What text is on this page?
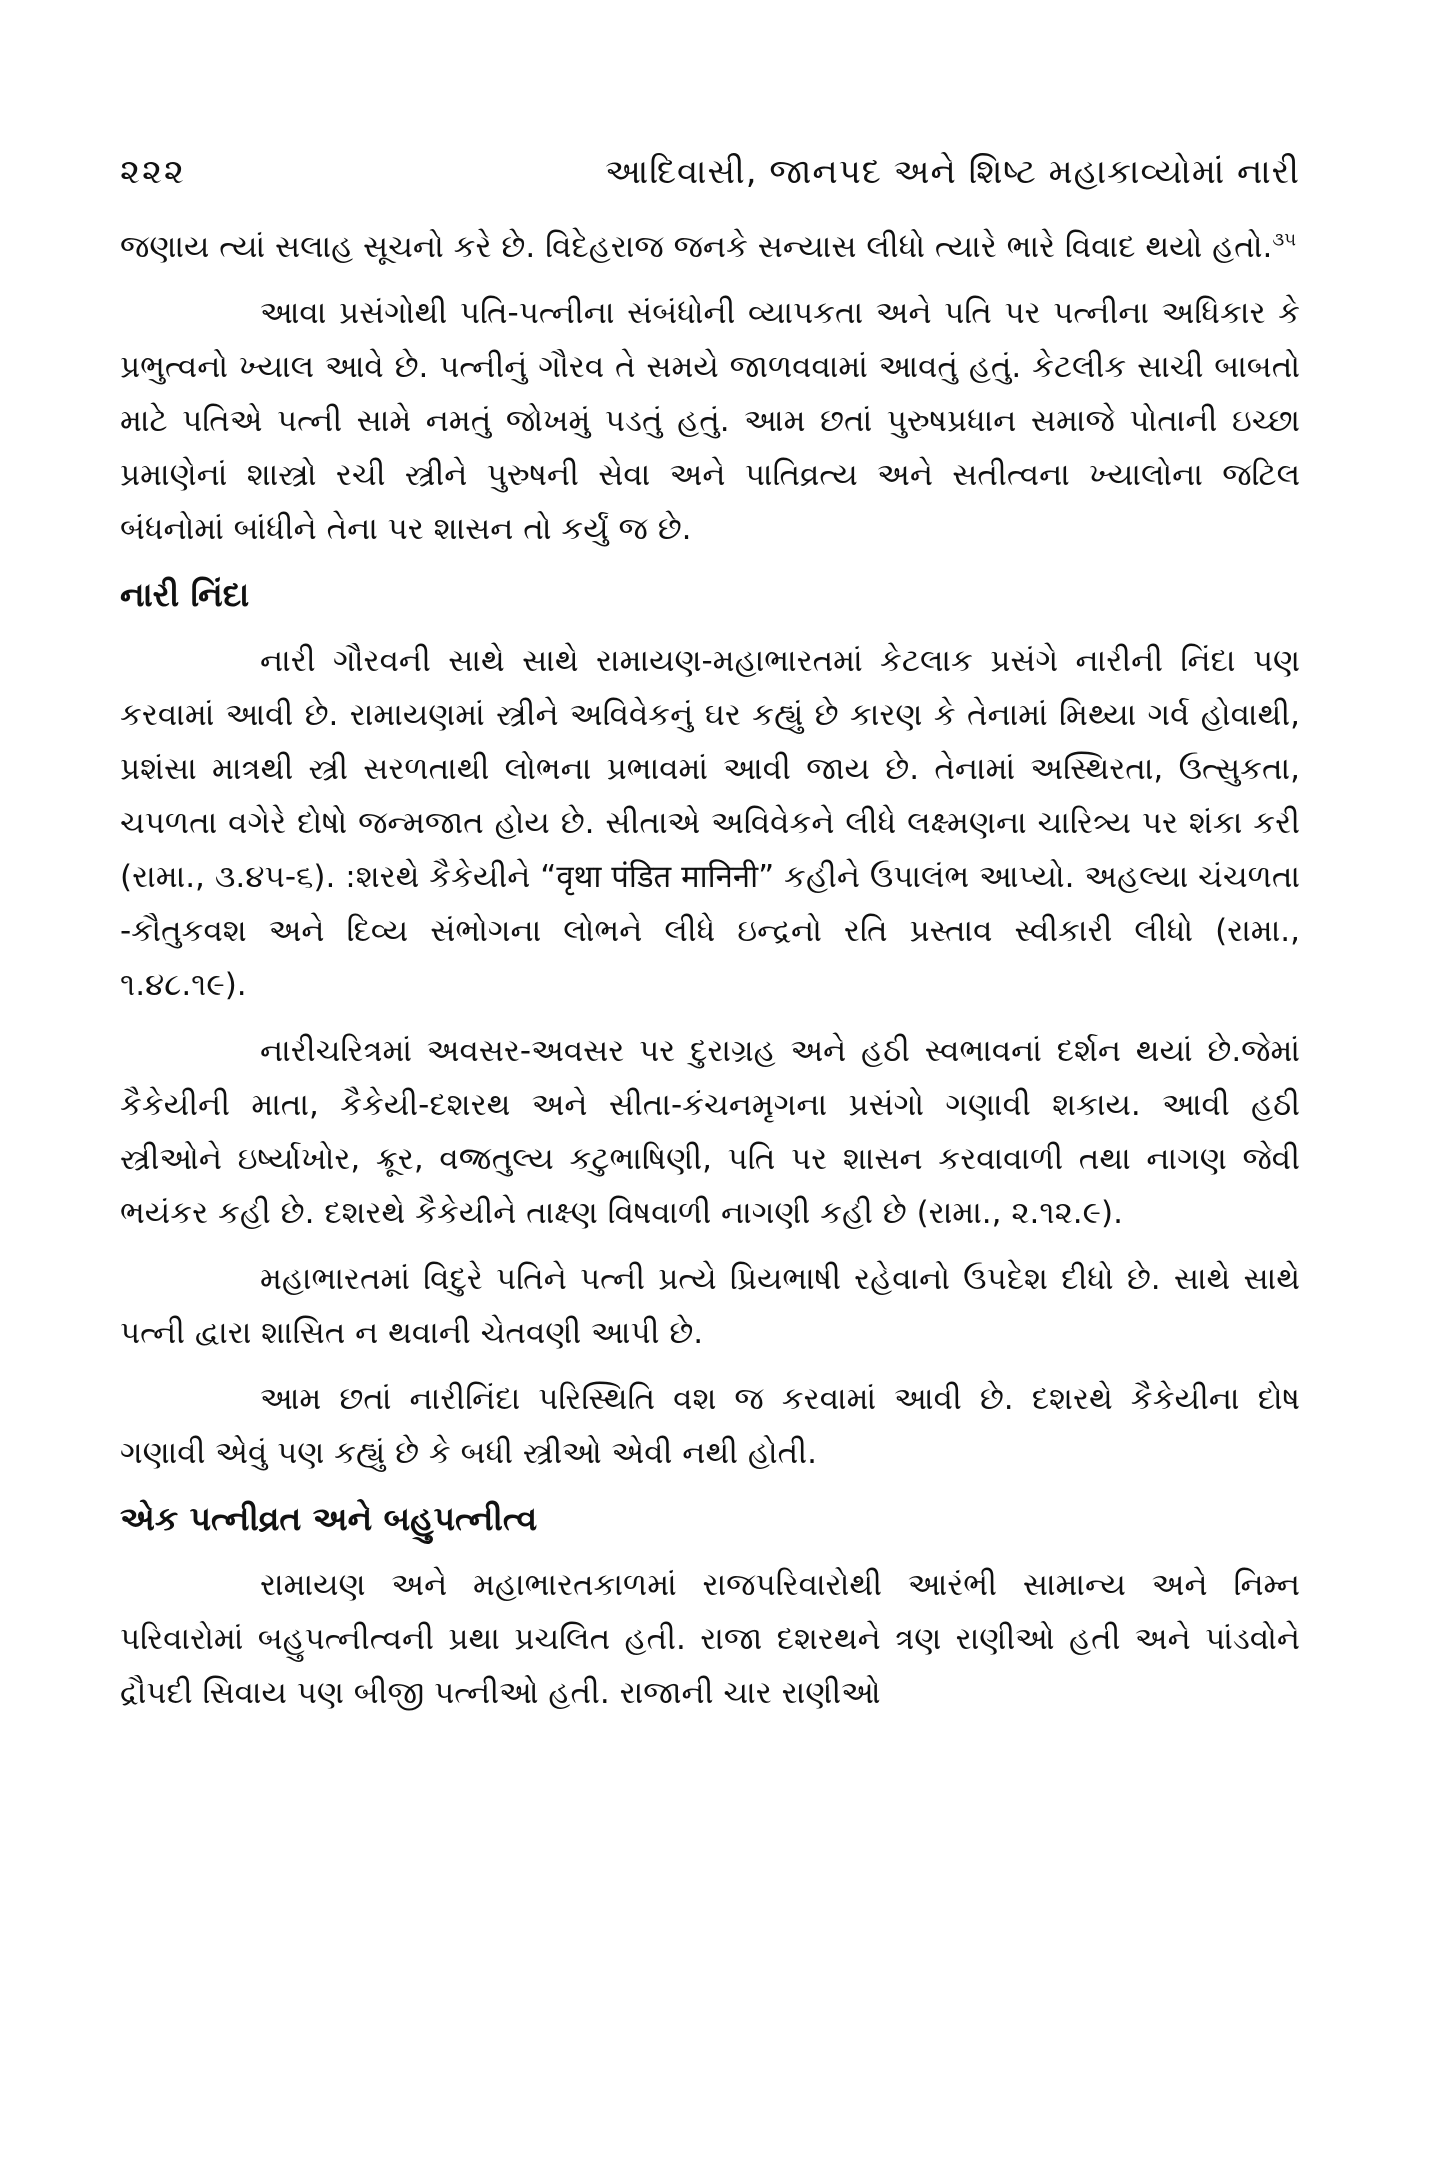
૨૨૨	આદિવાસી, જાનપદ અને શિષ્ટ મહાકાવ્યોમાં નારી
જણાય ત્યાં સલાહ સૂચનો કરે છે. વિદેહરાજ જનકે સન્યાસ લીધો ત્યારે ભારે વિવાદ થયો હતો.$^{૩૫}$
આવા પ્રસંગોથી પતિ-પત્નીના સંબંધોની વ્યાપકતા અને પતિ પર પત્નીના અધિકાર કે પ્રભુત્વનો ખ્યાલ આવે છે. પત્નીનું ગૌરવ તે સમયે જાળવવામાં આવતું હતું. કેટલીક સાચી બાબતો માટે પતિએ પત્ની સામે નમતું જોખમું પડતું હતું. આમ છતાં પુરુષપ્રધાન સમાજે પોતાની ઇચ્છા પ્રમાણેનાં શાસ્ત્રો રચી સ્ત્રીને પુરુષની સેવા અને પાતિવ્રત્ય અને સતીત્વના ખ્યાલોના જટિલ બંધનોમાં બાંધીને તેના પર શાસન તો કર્યું જ છે.
નારી નિંદા
નારી ગૌરવની સાથે સાથે રામાયણ-મહાભારતમાં કેટલાક પ્રસંગે નારીની નિંદા પણ કરવામાં આવી છે. રામાયણમાં સ્ત્રીને અવિવેકનું ઘર કહ્યું છે કારણ કે તેનામાં મિથ્યા ગર્વ હોવાથી, પ્રશંસા માત્રથી સ્ત્રી સરળતાથી લોભના પ્રભાવમાં આવી જાય છે. તેનામાં અસ્થિરતા, ઉત્સુકતા, ચપળતા વગેરે દોષો જન્મજાત હોય છે. સીતાએ અવિવેકને લીધે લક્ષ્મણના ચારિત્ર્ય પર શંકા કરી (રામા., ૩.૪૫-૬). :શરથે કૈકેયીને “वृथा पंडित मानिनी” કહીને ઉપાલંભ આપ્યો. અહલ્યા ચંચળતા -કૌતુકવશ અને દિવ્ય સંભોગના લોભને લીધે ઇન્દ્રનો રતિ પ્રસ્તાવ સ્વીકારી લીધો (રામા., ૧.૪૮.૧૯).
નારીચરિત્રમાં અવસર-અવસર પર દુરાગ્રહ અને હઠી સ્વભાવનાં દર્શન થયાં છે.જેમાં કૈકેયીની માતા, કૈકેયી-દશરથ અને સીતા-કંચનમૃગના પ્રસંગો ગણાવી શકાય. આવી હઠી સ્ત્રીઓને ઇર્ષ્યાખોર, ક્રૂર, વજ્રતુલ્ય કટુભાષિણી, પતિ પર શાસન કરવાવાળી તથા નાગણ જેવી ભયંકર કહી છે. દશરથે કૈકેયીને તાક્ષ્ણ વિષવાળી નાગણી કહી છે (રામા., ૨.૧૨.૯).
મહાભારતમાં વિદુરે પતિને પત્ની પ્રત્યે પ્રિયભાષી રહેવાનો ઉપદેશ દીધો છે. સાથે સાથે પત્ની દ્વારા શાસિત ન થવાની ચેતવણી આપી છે.
આમ છતાં નારીનિંદા પરિસ્થિતિ વશ જ કરવામાં આવી છે. દશરથે કૈકેયીના દોષ ગણાવી એવું પણ કહ્યું છે કે બધી સ્ત્રીઓ એવી નથી હોતી.
એક પત્નીવ્રત અને બહુપત્નીત્વ
રામાયણ અને મહાભારતકાળમાં રાજપરિવારોથી આરંભી સામાન્ય અને નિમ્ન પરિવારોમાં બહુપત્નીત્વની પ્રથા પ્રચલિત હતી. રાજા દશરથને ત્રણ રાણીઓ હતી અને પાંડવોને દ્રૌપદી સિવાય પણ બીજી પત્નીઓ હતી. રાજાની ચાર રાણીઓ
